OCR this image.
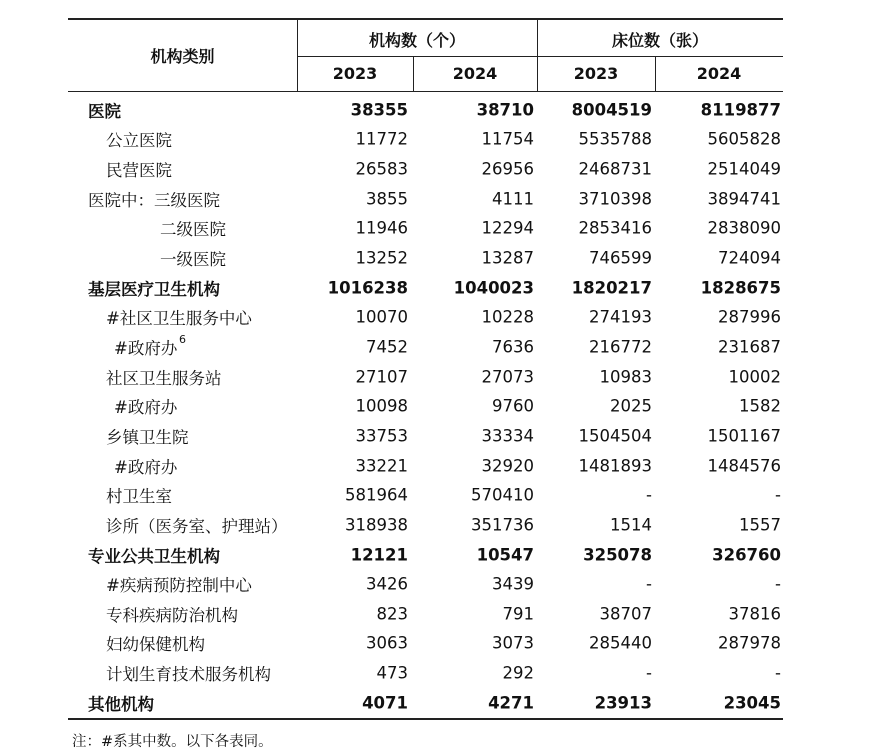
机构类别
机构数（个）	床位数（张）
2023	2024	2023	2024
医院	38355	38710 8004519	8119877
公立医院	11772	11754	5535788	5605828
民营医院	26583	26956	2468731	2514049
医院中：三级医院	3855	4111	3710398	3894741
二级医院	11946	12294	2853416	2838090
一级医院	13252	13287	746599	724094
基层医疗卫生机构	1016238	1040023 1820217	1828675
#社区卫生服务中心	10070	10228	274193	287996
#政府办 6	7452	7636	216772	231687
社区卫生服务站	27107	27073	10983	10002
#政府办	10098	9760	2025	1582
乡镇卫生院	33753	33334	1504504	1501167
#政府办	33221	32920	1481893	1484576
村卫生室	581964	570410	-	-
诊所（医务室、护理站）	318938	351736	1514	1557
专业公共卫生机构	12121	10547	325078	326760
#疾病预防控制中心	3426	3439	-	-
专科疾病防治机构	823	791	38707	37816
妇幼保健机构	3063	3073	285440	287978
计划生育技术服务机构	473	292	-	-
其他机构	4071	4271	23913	23045
注：#系其中数。以下各表同。
